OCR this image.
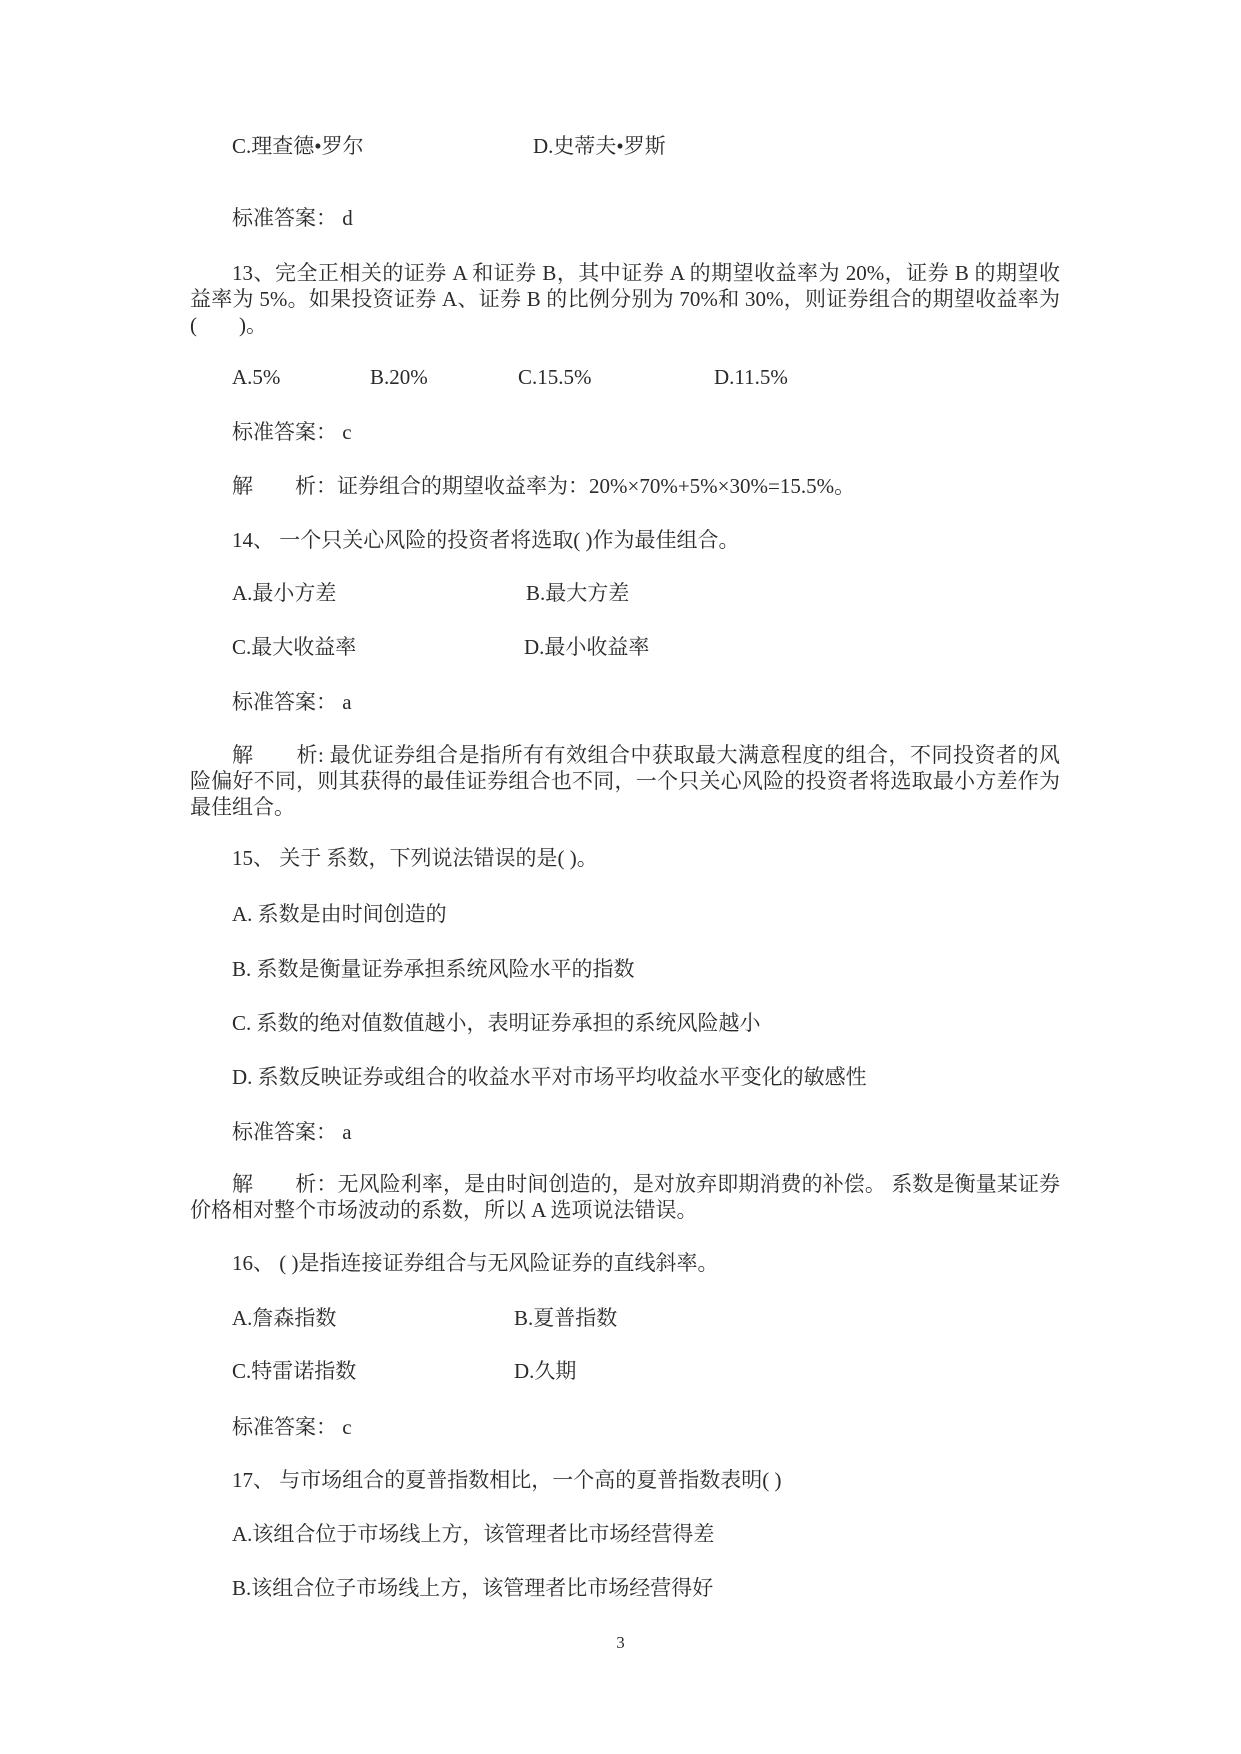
C.理查德•罗尔	D.史蒂夫•罗斯
标准答案： d
13、完全正相关的证券 A 和证券 B，其中证券 A 的期望收益率为 20%，证券 B 的期望收益率为 5%。如果投资证券 A、证券 B 的比例分别为 70%和 30%，则证券组合的期望收益率为(　　)。
A.5%	B.20%	C.15.5%	D.11.5%
标准答案： c
解　　析：证券组合的期望收益率为：20%×70%+5%×30%=15.5%。
14、 一个只关心风险的投资者将选取( )作为最佳组合。
A.最小方差	B.最大方差
C.最大收益率	D.最小收益率
标准答案： a
解　　析: 最优证券组合是指所有有效组合中获取最大满意程度的组合，不同投资者的风险偏好不同，则其获得的最佳证券组合也不同，一个只关心风险的投资者将选取最小方差作为最佳组合。
15、 关于 系数，下列说法错误的是( )。
A. 系数是由时间创造的
B. 系数是衡量证券承担系统风险水平的指数
C. 系数的绝对值数值越小，表明证券承担的系统风险越小
D. 系数反映证券或组合的收益水平对市场平均收益水平变化的敏感性
标准答案： a
解　　析：无风险利率，是由时间创造的，是对放弃即期消费的补偿。 系数是衡量某证券价格相对整个市场波动的系数，所以 A 选项说法错误。
16、 ( )是指连接证券组合与无风险证券的直线斜率。
A.詹森指数	B.夏普指数
C.特雷诺指数	D.久期
标准答案： c
17、 与市场组合的夏普指数相比，一个高的夏普指数表明( )
A.该组合位于市场线上方，该管理者比市场经营得差
B.该组合位子市场线上方，该管理者比市场经营得好
3
